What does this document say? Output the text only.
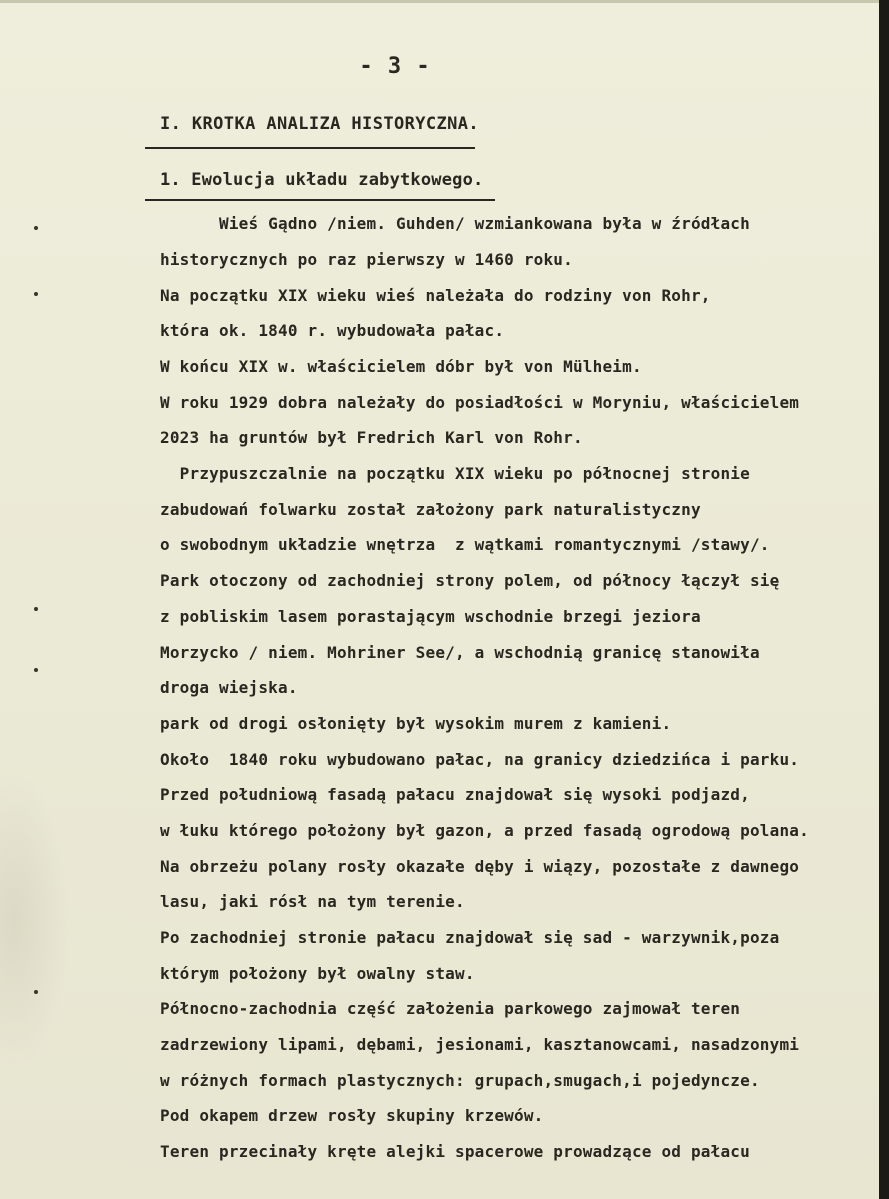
- 3 -
I. KROTKA ANALIZA HISTORYCZNA.
1. Ewolucja układu zabytkowego.
Wieś Gądno /niem. Guhden/ wzmiankowana była w źródłach
historycznych po raz pierwszy w 1460 roku.
Na początku XIX wieku wieś należała do rodziny von Rohr,
która ok. 1840 r. wybudowała pałac.
W końcu XIX w. właścicielem dóbr był von Mülheim.
W roku 1929 dobra należały do posiadłości w Moryniu, właścicielem
2023 ha gruntów był Fredrich Karl von Rohr.
Przypuszczalnie na początku XIX wieku po północnej stronie
zabudowań folwarku został założony park naturalistyczny
o swobodnym układzie wnętrza  z wątkami romantycznymi /stawy/.
Park otoczony od zachodniej strony polem, od północy łączył się
z pobliskim lasem porastającym wschodnie brzegi jeziora
Morzycko / niem. Mohriner See/, a wschodnią granicę stanowiła
droga wiejska.
park od drogi osłonięty był wysokim murem z kamieni.
Około  1840 roku wybudowano pałac, na granicy dziedzińca i parku.
Przed południową fasadą pałacu znajdował się wysoki podjazd,
w łuku którego położony był gazon, a przed fasadą ogrodową polana.
Na obrzeżu polany rosły okazałe dęby i wiązy, pozostałe z dawnego
lasu, jaki rósł na tym terenie.
Po zachodniej stronie pałacu znajdował się sad - warzywnik,poza
którym położony był owalny staw.
Północno-zachodnia część założenia parkowego zajmował teren
zadrzewiony lipami, dębami, jesionami, kasztanowcami, nasadzonymi
w różnych formach plastycznych: grupach,smugach,i pojedyncze.
Pod okapem drzew rosły skupiny krzewów.
Teren przecinały kręte alejki spacerowe prowadzące od pałacu
